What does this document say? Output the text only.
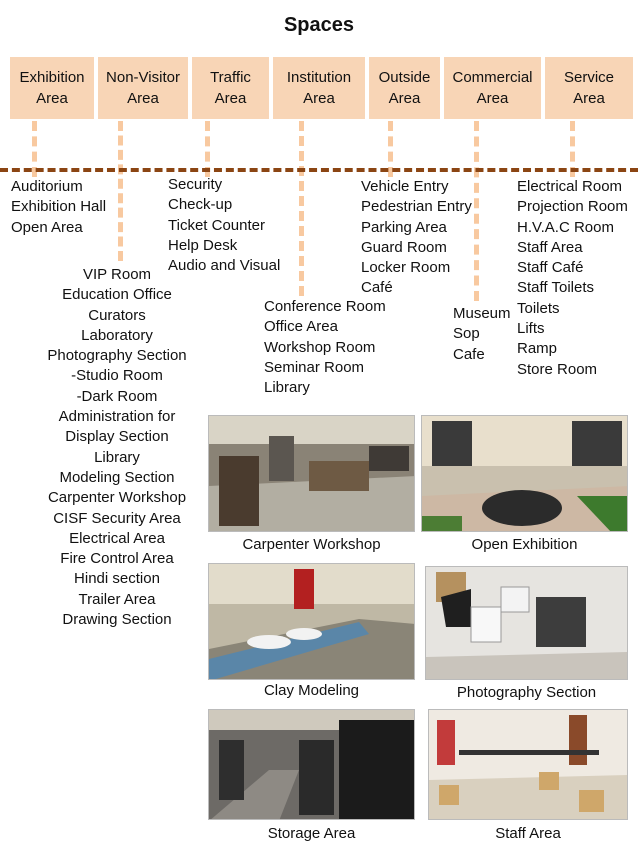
Spaces
Exhibition
Area
Non-Visitor
Area
Traffic
Area
Institution
Area
Outside
Area
Commercial
Area
Service
Area
Auditorium
Exhibition Hall
Open Area
VIP Room
Education Office
Curators
Laboratory
Photography Section
-Studio Room
-Dark Room
Administration for
Display Section
Library
Modeling Section
Carpenter Workshop
CISF Security Area
Electrical Area
Fire Control Area
Hindi section
Trailer Area
Drawing Section
Security
Check-up
Ticket Counter
Help Desk
Audio and Visual
Conference Room
Office Area
Workshop Room
Seminar Room
Library
Vehicle Entry
Pedestrian Entry
Parking Area
Guard Room
Locker Room
Café
Museum
Sop
Cafe
Electrical Room
Projection Room
H.V.A.C Room
Staff Area
Staff Café
Staff Toilets
Toilets
Lifts
Ramp
Store Room
Carpenter Workshop	Open Exhibition
Clay Modeling	Photography Section
Storage Area	Staff Area
